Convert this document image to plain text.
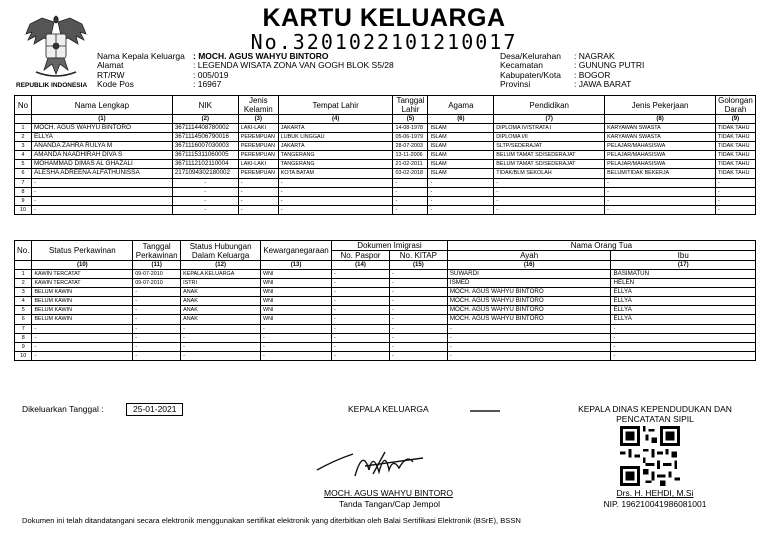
KARTU KELUARGA
No.3201022101210017
REPUBLIK INDONESIA
Nama Kepala Keluarga : MOCH. AGUS WAHYU BINTORO
Alamat	: LEGENDA WISATA ZONA VAN GOGH BLOK S5/28
RT/RW	: 005/019
Kode Pos	: 16967
Desa/Kelurahan : NAGRAK
Kecamatan	: GUNUNG PUTRI
Kabupaten/Kota : BOGOR
Provinsi	: JAWA BARAT
No	Nama Lengkap	NIK	Jenis Kelamin	Tempat Lahir	Tanggal Lahir	Agama	Pendidikan	Jenis Pekerjaan	Golongan Darah
	(1)	(2)	(3)	(4)	(5)	(6)	(7)	(8)	(9)
1	MOCH. AGUS WAHYU BINTORO	3671114408780002	LAKI-LAKI	JAKARTA	14-08-1978	ISLAM	DIPLOMA IV/STRATA I	KARYAWAN SWASTA	TIDAK TAHU
2	ELLYA	3671114506790016	PEREMPUAN	LUBUK LINGGAU	05-06-1979	ISLAM	DIPLOMA I/II	KARYAWAN SWASTA	TIDAK TAHU
3	ANANDA ZAHRA RULYA M	3671116007030003	PEREMPUAN	JAKARTA	28-07-2003	ISLAM	SLTP/SEDERAJAT	PELAJAR/MAHASISWA	TIDAK TAHU
4	AMANDA NAADHIRAH DIVA S	3671115311060005	PEREMPUAN	TANGERANG	13-11-2006	ISLAM	BELUM TAMAT SD/SEDERAJAT	PELAJAR/MAHASISWA	TIDAK TAHU
5	MOHAMMAD DIMAS AL GHAZALI	3671112102110004	LAKI-LAKI	TANGERANG	21-02-2011	ISLAM	BELUM TAMAT SD/SEDERAJAT	PELAJAR/MAHASISWA	TIDAK TAHU
6	ALESHA ADREENA ALFATHUNISSA	2171094302180002	PEREMPUAN	KOTA BATAM	03-02-2018	ISLAM	TIDAK/BLM SEKOLAH	BELUM/TIDAK BEKERJA	TIDAK TAHU
7	-	-	-	-	-	-	-	-	-
8	-	-	-	-	-	-	-	-	-
9	-	-	-	-	-	-	-	-	-
10	-	-	-	-	-	-	-	-	-
No.	Status Perkawinan	Tanggal Perkawinan	Status Hubungan Dalam Keluarga	Kewarganegaraan	Dokumen Imigrasi		Nama Orang Tua	
					No. Paspor	No. KITAP	Ayah	Ibu
	(10)	(11)	(12)	(13)	(14)	(15)	(16)	(17)
1	KAWIN TERCATAT	09-07-2010	KEPALA KELUARGA	WNI	-	-	SUWARDI	BASIMATUN
2	KAWIN TERCATAT	09-07-2010	ISTRI	WNI	-	-	ISMED	HELEN
3	BELUM KAWIN	-	ANAK	WNI	-	-	MOCH. AGUS WAHYU BINTORO	ELLYA
4	BELUM KAWIN	-	ANAK	WNI	-	-	MOCH. AGUS WAHYU BINTORO	ELLYA
5	BELUM KAWIN	-	ANAK	WNI	-	-	MOCH. AGUS WAHYU BINTORO	ELLYA
6	BELUM KAWIN	-	ANAK	WNI	-	-	MOCH. AGUS WAHYU BINTORO	ELLYA
7	-	-	-	-	-	-	-	-
8	-	-	-	-	-	-	-	-
9	-	-	-	-	-	-	-	-
10	-	-	-	-	-	-	-	-
Dikeluarkan Tanggal :	25-01-2021	KEPALA KELUARGA
MOCH. AGUS WAHYU BINTORO
Tanda Tangan/Cap Jempol
KEPALA DINAS KEPENDUDUKAN DAN
PENCATATAN SIPIL
Drs. H. HEHDI, M.Si
NIP. 196210041986081001
Dokumen ini telah ditandatangani secara elektronik menggunakan sertifikat elektronik yang diterbitkan oleh Balai Sertifikasi Elektronik (BSrE), BSSN
